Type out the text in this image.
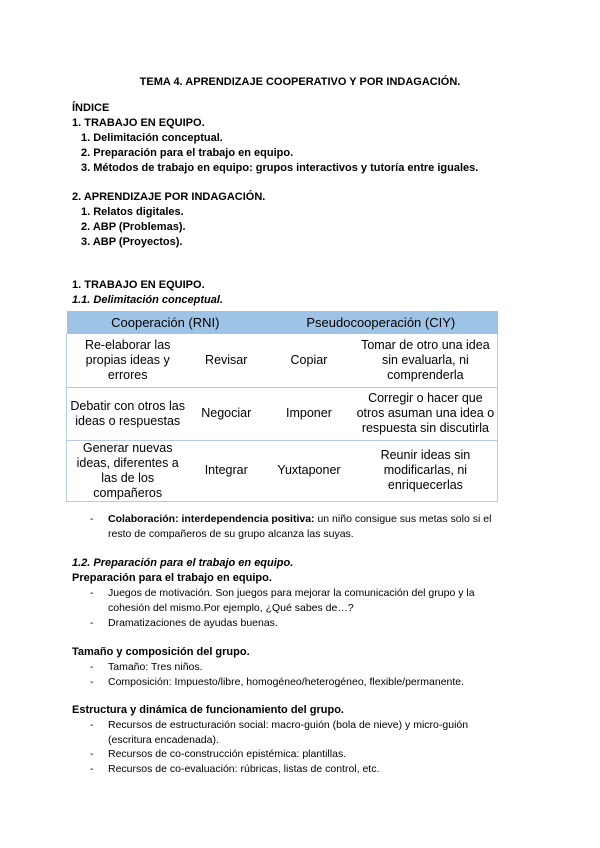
TEMA 4. APRENDIZAJE COOPERATIVO Y POR INDAGACIÓN.
ÍNDICE
1. TRABAJO EN EQUIPO.
1. Delimitación conceptual.
2. Preparación para el trabajo en equipo.
3. Métodos de trabajo en equipo: grupos interactivos y tutoría entre iguales.
2. APRENDIZAJE POR INDAGACIÓN.
1. Relatos digitales.
2. ABP (Problemas).
3. ABP (Proyectos).
1. TRABAJO EN EQUIPO.
1.1. Delimitación conceptual.
Cooperación (RNI)		Pseudocooperación (CIY)	
Re-elaborar las propias ideas y errores	Revisar	Copiar	Tomar de otro una idea sin evaluarla, ni comprenderla
Debatir con otros las ideas o respuestas	Negociar	Imponer	Corregir o hacer que otros asuman una idea o respuesta sin discutirla
Generar nuevas ideas, diferentes a las de los compañeros	Integrar	Yuxtaponer	Reunir ideas sin modificarlas, ni enriquecerlas
- Colaboración: interdependencia positiva: un niño consigue sus metas solo si el
resto de compañeros de su grupo alcanza las suyas.
1.2. Preparación para el trabajo en equipo.
Preparación para el trabajo en equipo.
- Juegos de motivación. Son juegos para mejorar la comunicación del grupo y la
cohesión del mismo.Por ejemplo, ¿Qué sabes de…?
- Dramatizaciones de ayudas buenas.
Tamaño y composición del grupo.
- Tamaño: Tres niños.
- Composición: Impuesto/libre, homogéneo/heterogéneo, flexible/permanente.
Estructura y dinámica de funcionamiento del grupo.
- Recursos de estructuración social: macro-guión (bola de nieve) y micro-guión
(escritura encadenada).
- Recursos de co-construcción epistémica: plantillas.
- Recursos de co-evaluación: rúbricas, listas de control, etc.
